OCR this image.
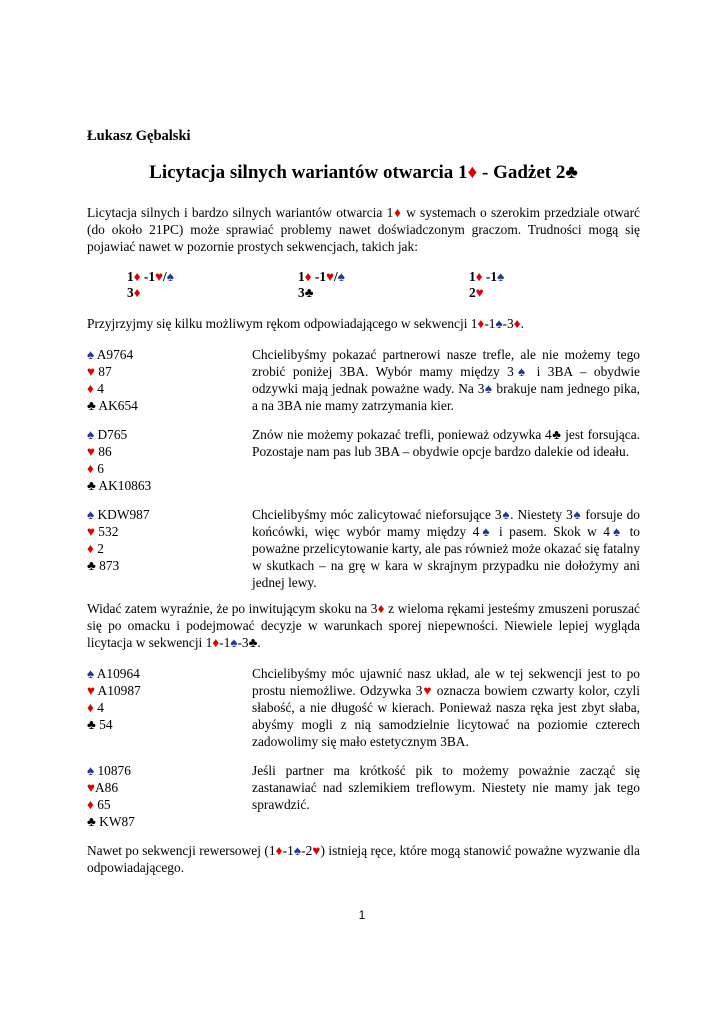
Łukasz Gębalski
Licytacja silnych wariantów otwarcia 1♦ - Gadżet 2♣

Licytacja silnych i bardzo silnych wariantów otwarcia 1♦ w systemach o szerokim przedziale otwarć (do około 21PC) może sprawiać problemy nawet doświadczonym graczom. Trudności mogą się pojawiać nawet w pozornie prostych sekwencjach, takich jak:

1♦ -1♥/♠
3♦
1♦ -1♥/♠
3♣
1♦ -1♠
2♥

Przyjrzyjmy się kilku możliwym rękom odpowiadającego w sekwencji 1♦-1♠-3♦.

♠ A9764
♥ 87
♦ 4
♣ AK654
Chcielibyśmy pokazać partnerowi nasze trefle, ale nie możemy tego zrobić poniżej 3BA. Wybór mamy między 3♠ i 3BA – obydwie odzywki mają jednak poważne wady. Na 3♠ brakuje nam jednego pika, a na 3BA nie mamy zatrzymania kier.
♠ D765
♥ 86
♦ 6
♣ AK10863
Znów nie możemy pokazać trefli, ponieważ odzywka 4♣ jest forsująca. Pozostaje nam pas lub 3BA – obydwie opcje bardzo dalekie od ideału.
♠ KDW987
♥ 532
♦ 2
♣ 873
Chcielibyśmy móc zalicytować nieforsujące 3♠. Niestety 3♠ forsuje do końcówki, więc wybór mamy między 4♠ i pasem. Skok w 4♠ to poważne przelicytowanie karty, ale pas również może okazać się fatalny w skutkach – na grę w kara w skrajnym przypadku nie dołożymy ani jednej lewy.

Widać zatem wyraźnie, że po inwitującym skoku na 3♦ z wieloma rękami jesteśmy zmuszeni poruszać się po omacku i podejmować decyzje w warunkach sporej niepewności. Niewiele lepiej wygląda licytacja w sekwencji 1♦-1♠-3♣.

♠ A10964
♥ A10987
♦ 4
♣ 54
Chcielibyśmy móc ujawnić nasz układ, ale w tej sekwencji jest to po prostu niemożliwe. Odzywka 3♥ oznacza bowiem czwarty kolor, czyli słabość, a nie długość w kierach. Ponieważ nasza ręka jest zbyt słaba, abyśmy mogli z nią samodzielnie licytować na poziomie czterech zadowolimy się mało estetycznym 3BA.
♠ 10876
♥A86
♦ 65
♣ KW87
Jeśli partner ma krótkość pik to możemy poważnie zacząć się zastanawiać nad szlemikiem treflowym. Niestety nie mamy jak tego sprawdzić.

Nawet po sekwencji rewersowej (1♦-1♠-2♥) istnieją ręce, które mogą stanowić poważne wyzwanie dla odpowiadającego.

1
